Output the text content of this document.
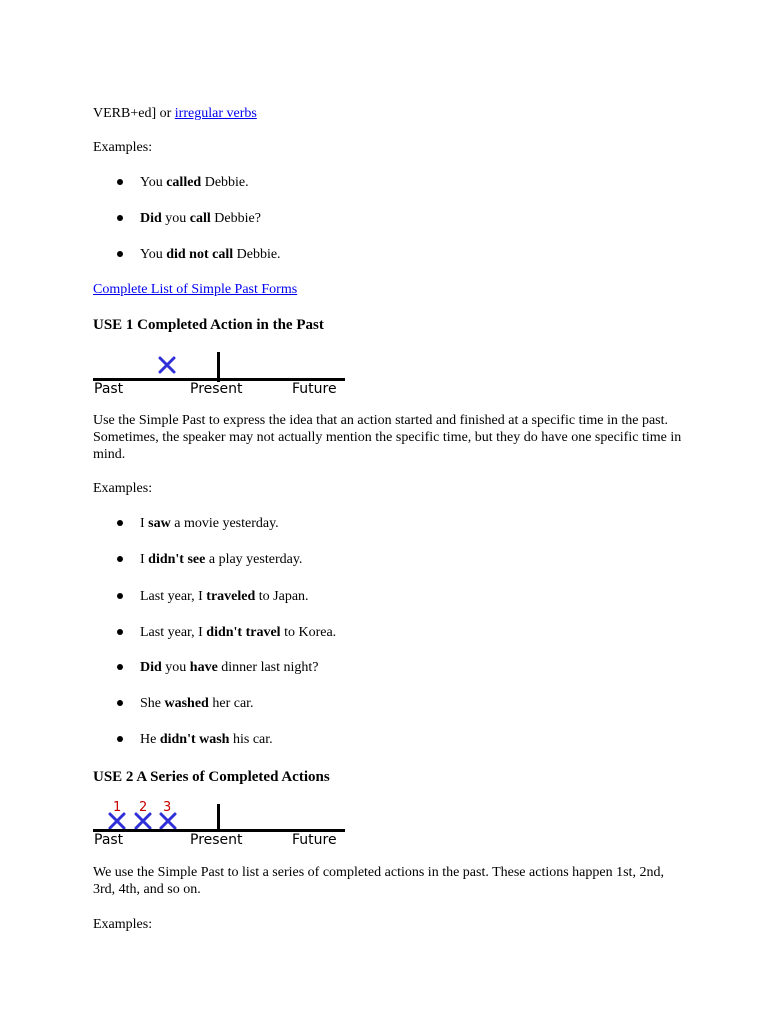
VERB+ed] or irregular verbs
Examples:
You called Debbie.
Did you call Debbie?
You did not call Debbie.
Complete List of Simple Past Forms
USE 1 Completed Action in the Past
Past	Present	Future
Use the Simple Past to express the idea that an action started and finished at a specific time in the past. Sometimes, the speaker may not actually mention the specific time, but they do have one specific time in mind.
Examples:
I saw a movie yesterday.
I didn't see a play yesterday.
Last year, I traveled to Japan.
Last year, I didn't travel to Korea.
Did you have dinner last night?
She washed her car.
He didn't wash his car.
USE 2 A Series of Completed Actions
1 2 3
Past	Present	Future
We use the Simple Past to list a series of completed actions in the past. These actions happen 1st, 2nd, 3rd, 4th, and so on.
Examples:
